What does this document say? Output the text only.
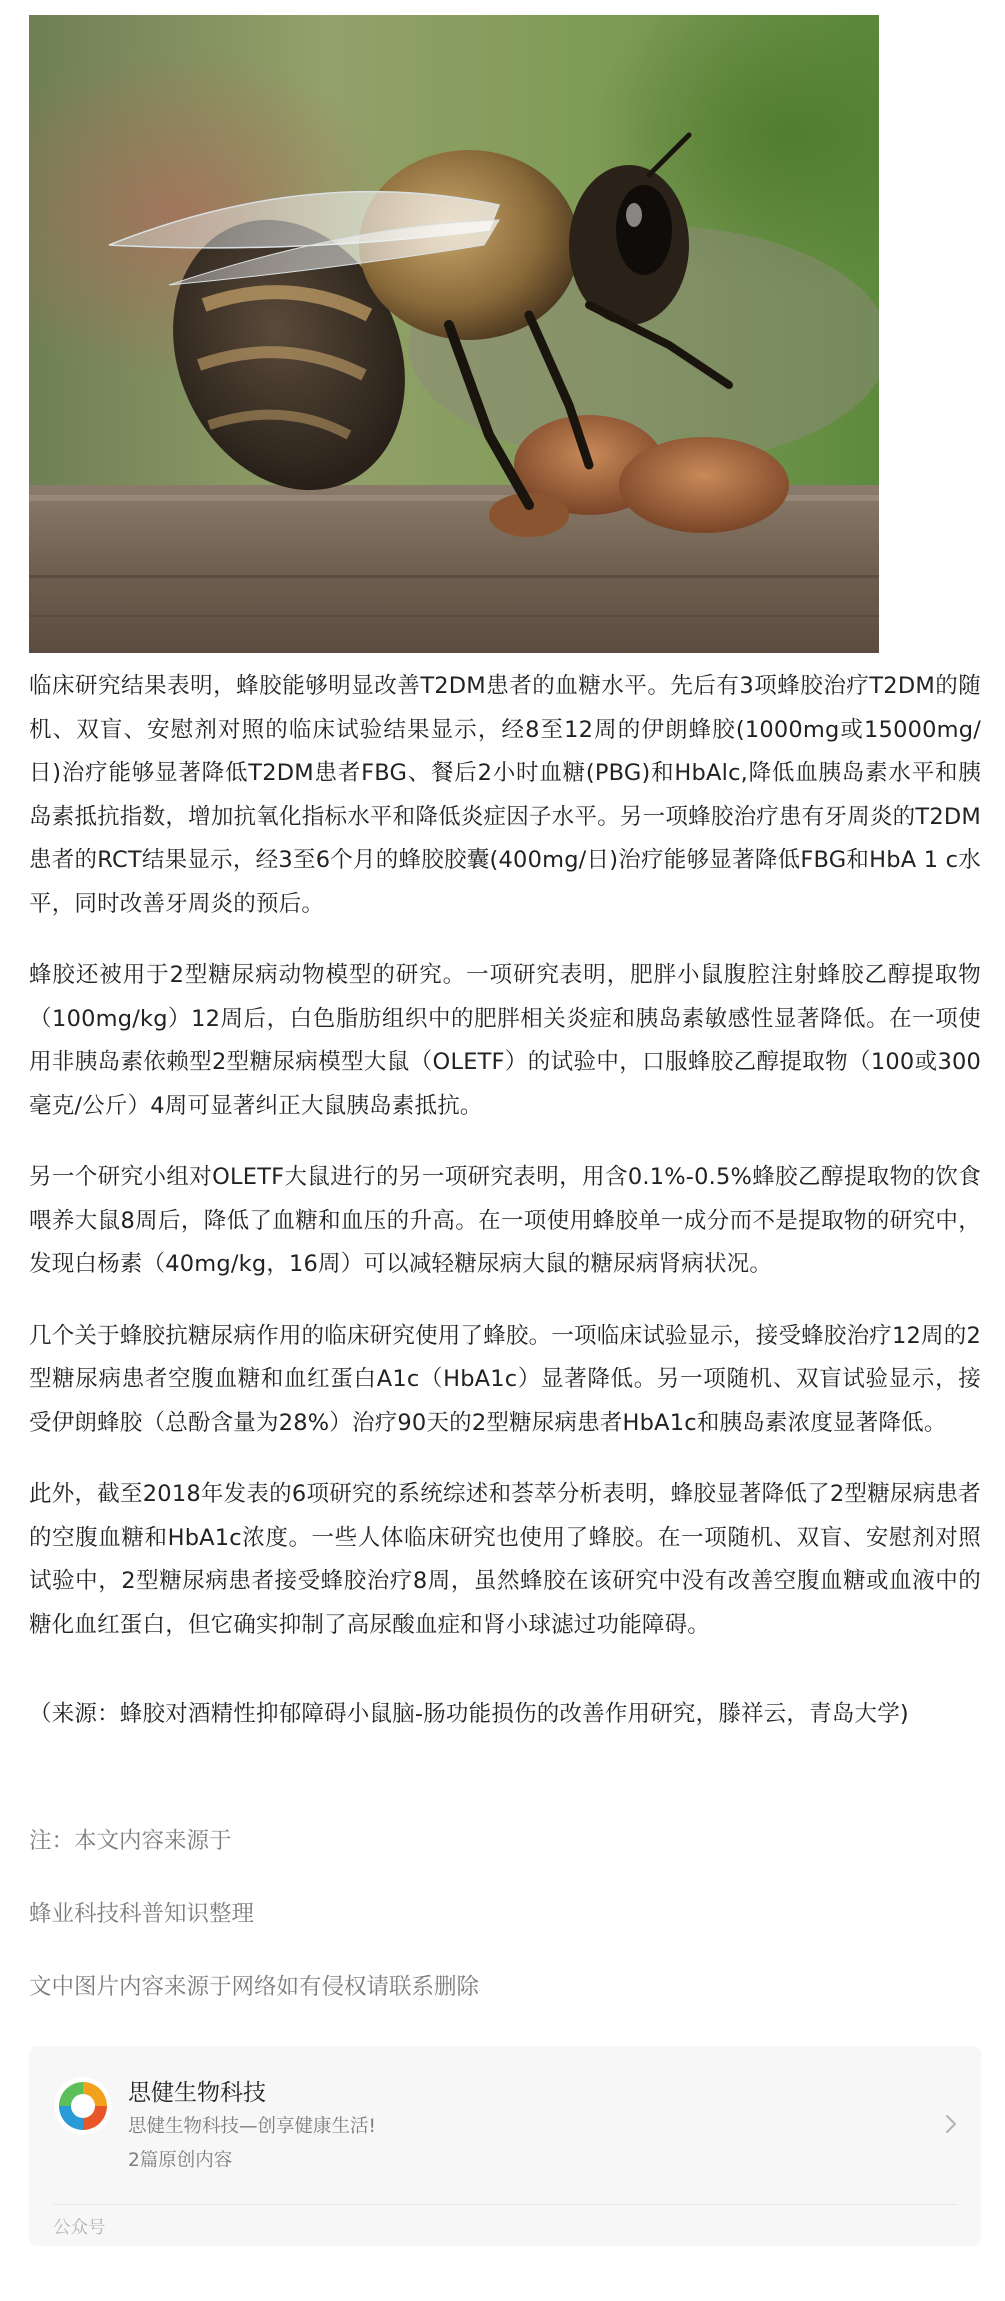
临床研究结果表明，蜂胶能够明显改善T2DM患者的血糖水平。先后有3项蜂胶治疗T2DM的随机、双盲、安慰剂对照的临床试验结果显示，经8至12周的伊朗蜂胶(1000mg或15000mg/日)治疗能够显著降低T2DM患者FBG、餐后2小时血糖(PBG)和HbAlc,降低血胰岛素水平和胰岛素抵抗指数，增加抗氧化指标水平和降低炎症因子水平。另一项蜂胶治疗患有牙周炎的T2DM患者的RCT结果显示，经3至6个月的蜂胶胶囊(400mg/日)治疗能够显著降低FBG和HbA 1 c水平，同时改善牙周炎的预后。

蜂胶还被用于2型糖尿病动物模型的研究。一项研究表明，肥胖小鼠腹腔注射蜂胶乙醇提取物（100mg/kg）12周后，白色脂肪组织中的肥胖相关炎症和胰岛素敏感性显著降低。在一项使用非胰岛素依赖型2型糖尿病模型大鼠（OLETF）的试验中，口服蜂胶乙醇提取物（100或300毫克/公斤）4周可显著纠正大鼠胰岛素抵抗。

另一个研究小组对OLETF大鼠进行的另一项研究表明，用含0.1%-0.5%蜂胶乙醇提取物的饮食喂养大鼠8周后，降低了血糖和血压的升高。在一项使用蜂胶单一成分而不是提取物的研究中，发现白杨素（40mg/kg，16周）可以减轻糖尿病大鼠的糖尿病肾病状况。

几个关于蜂胶抗糖尿病作用的临床研究使用了蜂胶。一项临床试验显示，接受蜂胶治疗12周的2型糖尿病患者空腹血糖和血红蛋白A1c（HbA1c）显著降低。另一项随机、双盲试验显示，接受伊朗蜂胶（总酚含量为28%）治疗90天的2型糖尿病患者HbA1c和胰岛素浓度显著降低。

此外，截至2018年发表的6项研究的系统综述和荟萃分析表明，蜂胶显著降低了2型糖尿病患者的空腹血糖和HbA1c浓度。一些人体临床研究也使用了蜂胶。在一项随机、双盲、安慰剂对照试验中，2型糖尿病患者接受蜂胶治疗8周，虽然蜂胶在该研究中没有改善空腹血糖或血液中的糖化血红蛋白，但它确实抑制了高尿酸血症和肾小球滤过功能障碍。

（来源：蜂胶对酒精性抑郁障碍小鼠脑-肠功能损伤的改善作用研究，滕祥云，青岛大学)

注：本文内容来源于

蜂业科技科普知识整理

文中图片内容来源于网络如有侵权请联系删除

思健生物科技
思健生物科技—创享健康生活!
2篇原创内容
公众号
